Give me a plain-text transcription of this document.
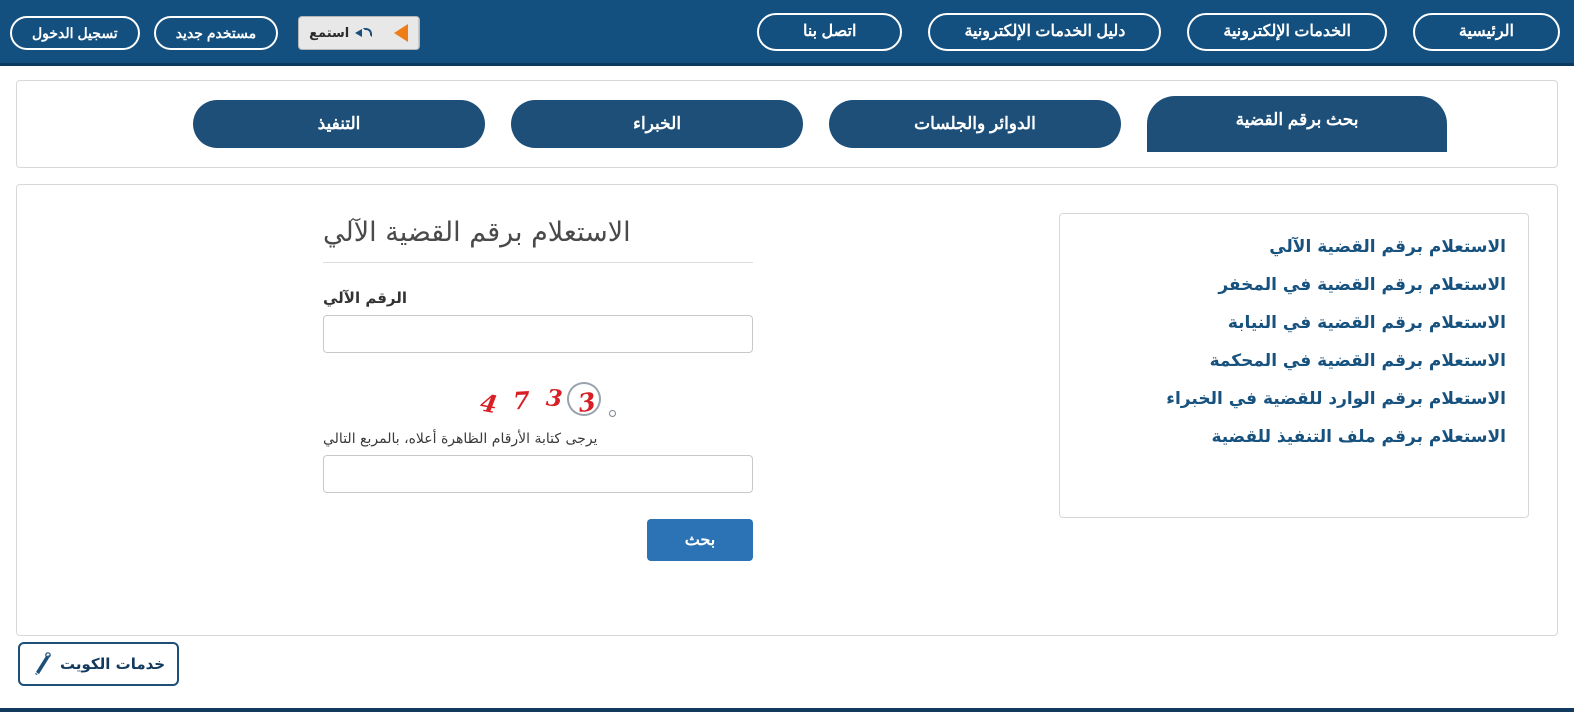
الرئيسية
الخدمات الإلكترونية
دليل الخدمات الإلكترونية
اتصل بنا
استمع
مستخدم جديد
تسجيل الدخول
بحث برقم القضية
الدوائر والجلسات
الخبراء
التنفيذ
الاستعلام برقم القضية الآلي
الاستعلام برقم القضية في المخفر
الاستعلام برقم القضية في النيابة
الاستعلام برقم القضية في المحكمة
الاستعلام برقم الوارد للقضية في الخبراء
الاستعلام برقم ملف التنفيذ للقضية
الاستعلام برقم القضية الآلي
الرقم الآلي
3
3
7
4
يرجى كتابة الأرقام الظاهرة أعلاه، بالمربع التالي
بحث
خدمات الكويت
